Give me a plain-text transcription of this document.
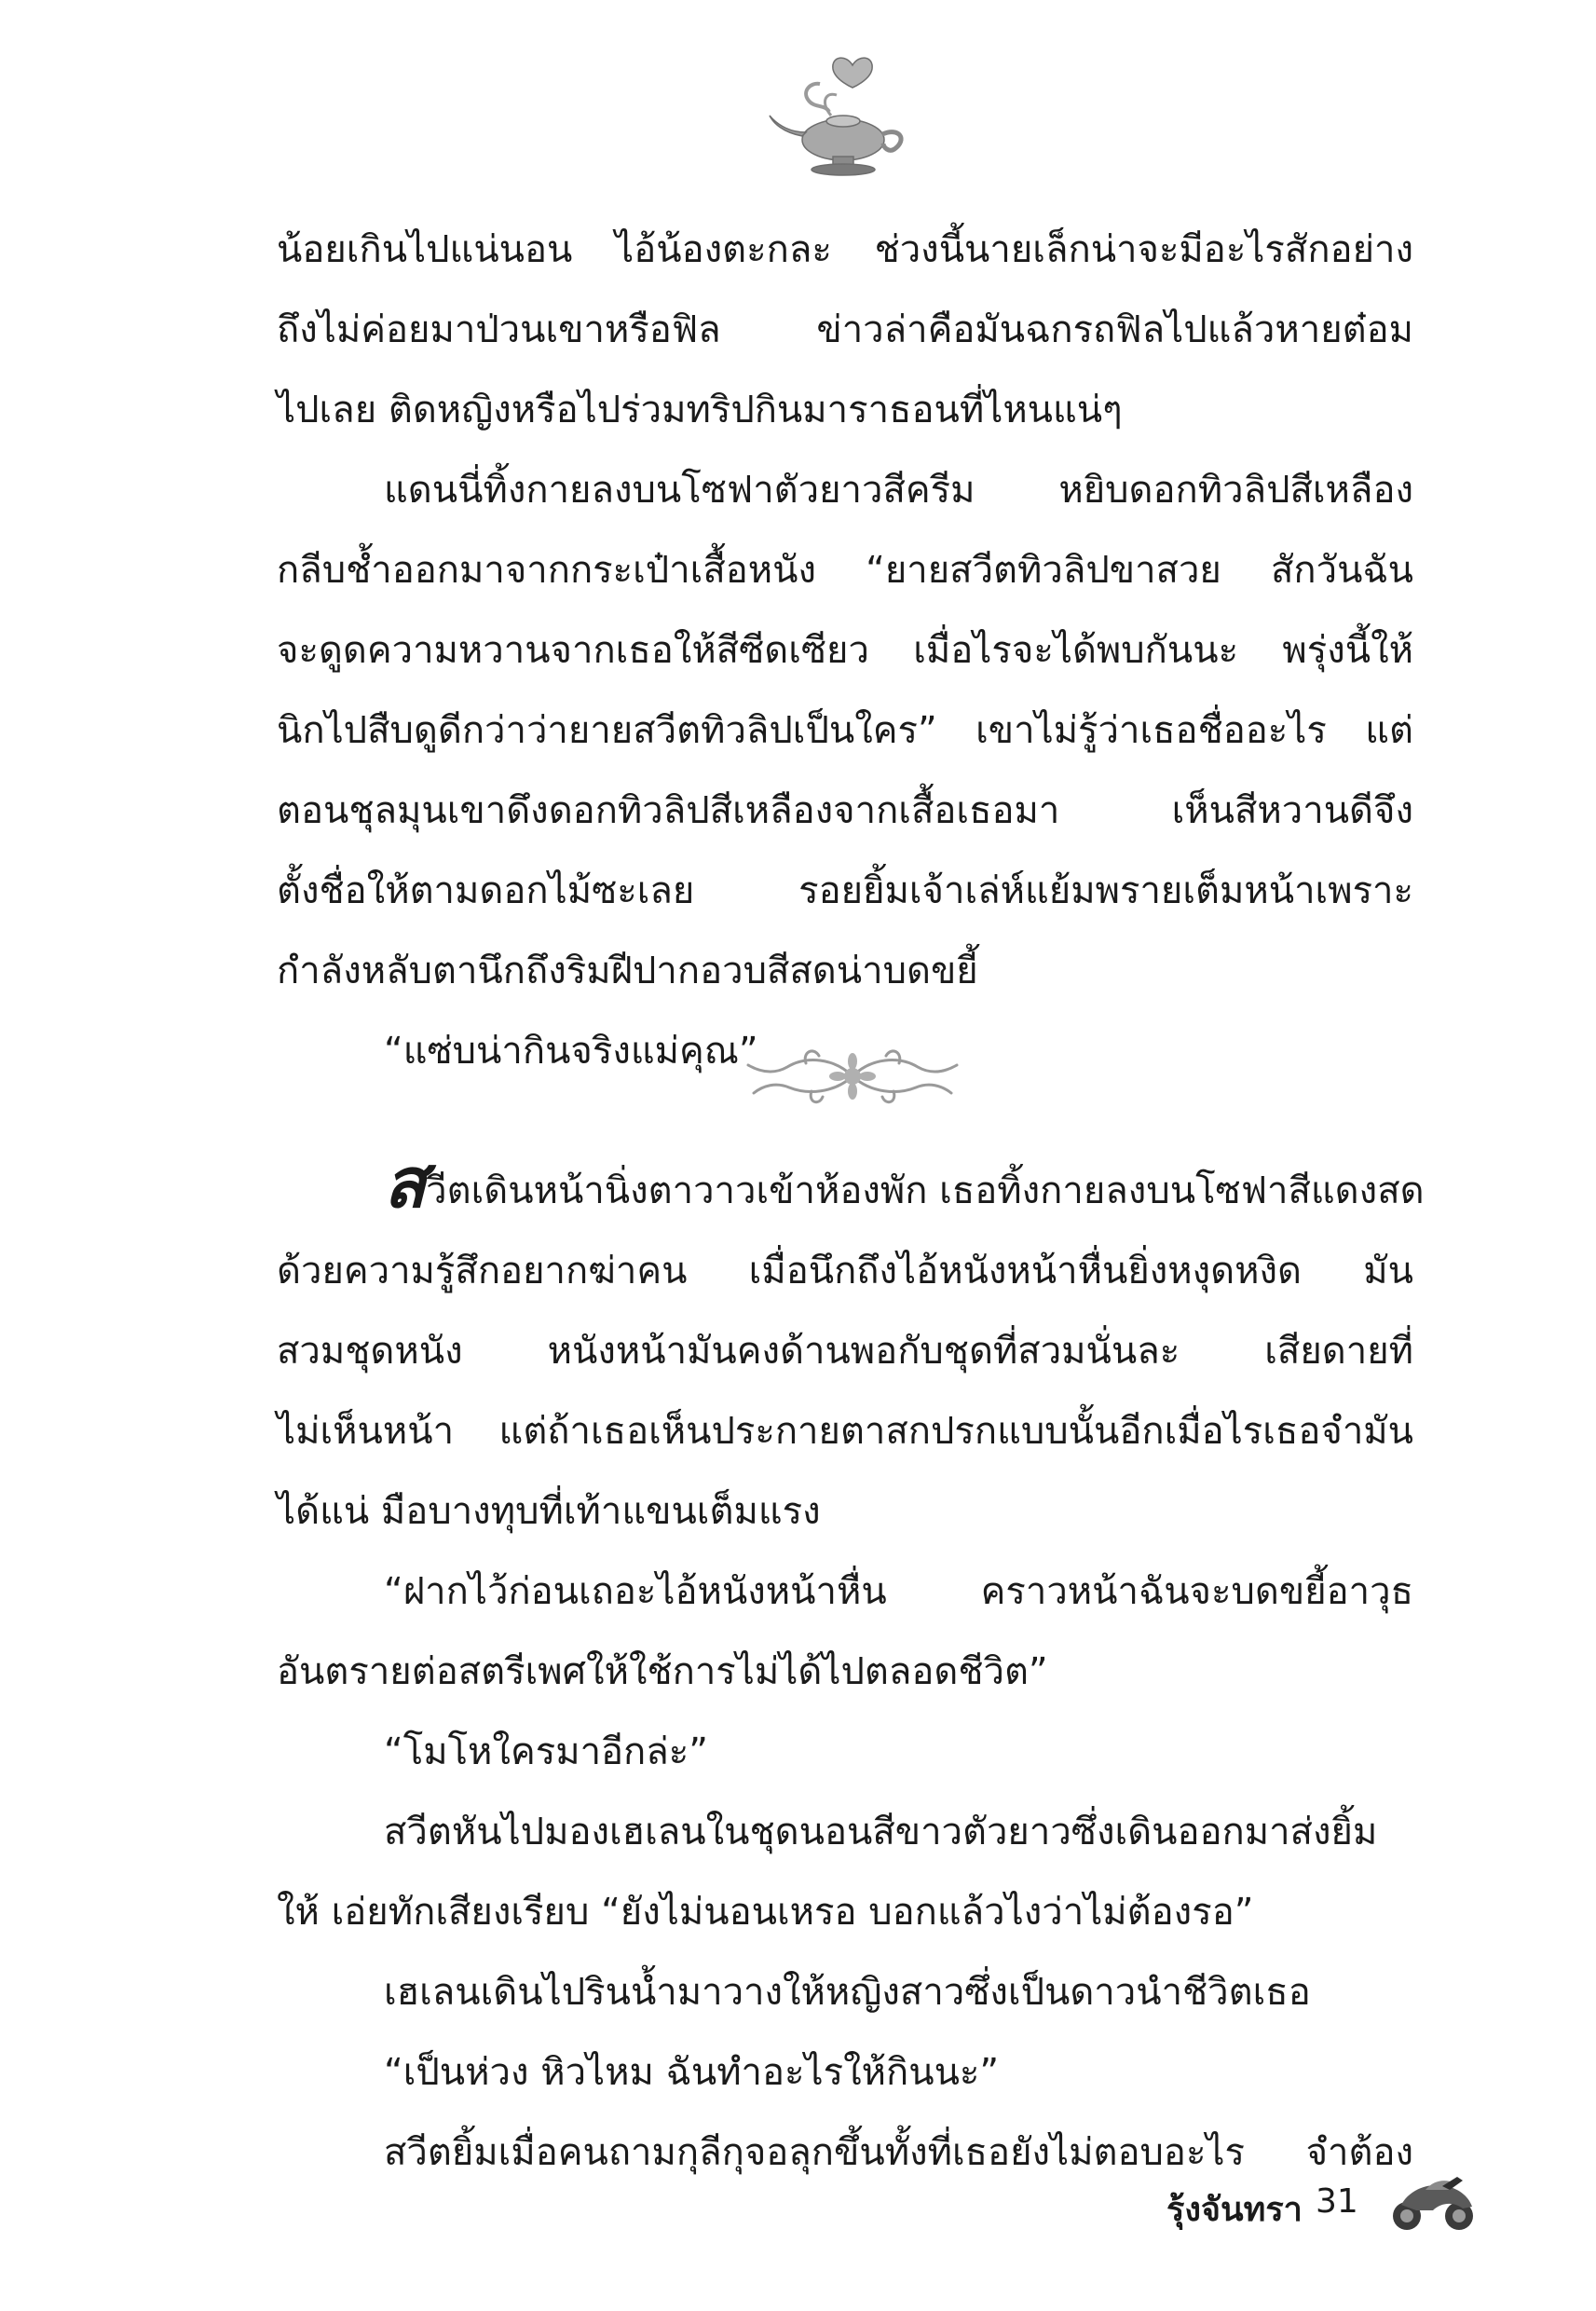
น้อยเกินไปแน่นอน ไอ้น้องตะกละ ช่วงนี้นายเล็กน่าจะมีอะไรสักอย่าง
ถึงไม่ค่อยมาป่วนเขาหรือฟิล ข่าวล่าคือมันฉกรถฟิลไปแล้วหายต๋อม
ไปเลย ติดหญิงหรือไปร่วมทริปกินมาราธอนที่ไหนแน่ๆ
แดนนี่ทิ้งกายลงบนโซฟาตัวยาวสีครีม หยิบดอกทิวลิปสีเหลือง
กลีบช้ำออกมาจากกระเป๋าเสื้อหนัง “ยายสวีตทิวลิปขาสวย สักวันฉัน
จะดูดความหวานจากเธอให้สีซีดเซียว เมื่อไรจะได้พบกันนะ พรุ่งนี้ให้
นิกไปสืบดูดีกว่าว่ายายสวีตทิวลิปเป็นใคร” เขาไม่รู้ว่าเธอชื่ออะไร แต่
ตอนชุลมุนเขาดึงดอกทิวลิปสีเหลืองจากเสื้อเธอมา เห็นสีหวานดีจึง
ตั้งชื่อให้ตามดอกไม้ซะเลย รอยยิ้มเจ้าเล่ห์แย้มพรายเต็มหน้าเพราะ
กำลังหลับตานึกถึงริมฝีปากอวบสีสดน่าบดขยี้
“แซ่บน่ากินจริงแม่คุณ”
สวีตเดินหน้านิ่งตาวาวเข้าห้องพัก เธอทิ้งกายลงบนโซฟาสีแดงสด
ด้วยความรู้สึกอยากฆ่าคน เมื่อนึกถึงไอ้หนังหน้าหื่นยิ่งหงุดหงิด มัน
สวมชุดหนัง หนังหน้ามันคงด้านพอกับชุดที่สวมนั่นละ เสียดายที่
ไม่เห็นหน้า แต่ถ้าเธอเห็นประกายตาสกปรกแบบนั้นอีกเมื่อไรเธอจำมัน
ได้แน่ มือบางทุบที่เท้าแขนเต็มแรง
“ฝากไว้ก่อนเถอะไอ้หนังหน้าหื่น คราวหน้าฉันจะบดขยี้อาวุธ
อันตรายต่อสตรีเพศให้ใช้การไม่ได้ไปตลอดชีวิต”
“โมโหใครมาอีกล่ะ”
สวีตหันไปมองเฮเลนในชุดนอนสีขาวตัวยาวซึ่งเดินออกมาส่งยิ้ม
ให้ เอ่ยทักเสียงเรียบ “ยังไม่นอนเหรอ บอกแล้วไงว่าไม่ต้องรอ”
เฮเลนเดินไปรินน้ำมาวางให้หญิงสาวซึ่งเป็นดาวนำชีวิตเธอ
“เป็นห่วง หิวไหม ฉันทำอะไรให้กินนะ”
สวีตยิ้มเมื่อคนถามกุลีกุจอลุกขึ้นทั้งที่เธอยังไม่ตอบอะไร จำต้อง
รุ้งจันทรา 31
